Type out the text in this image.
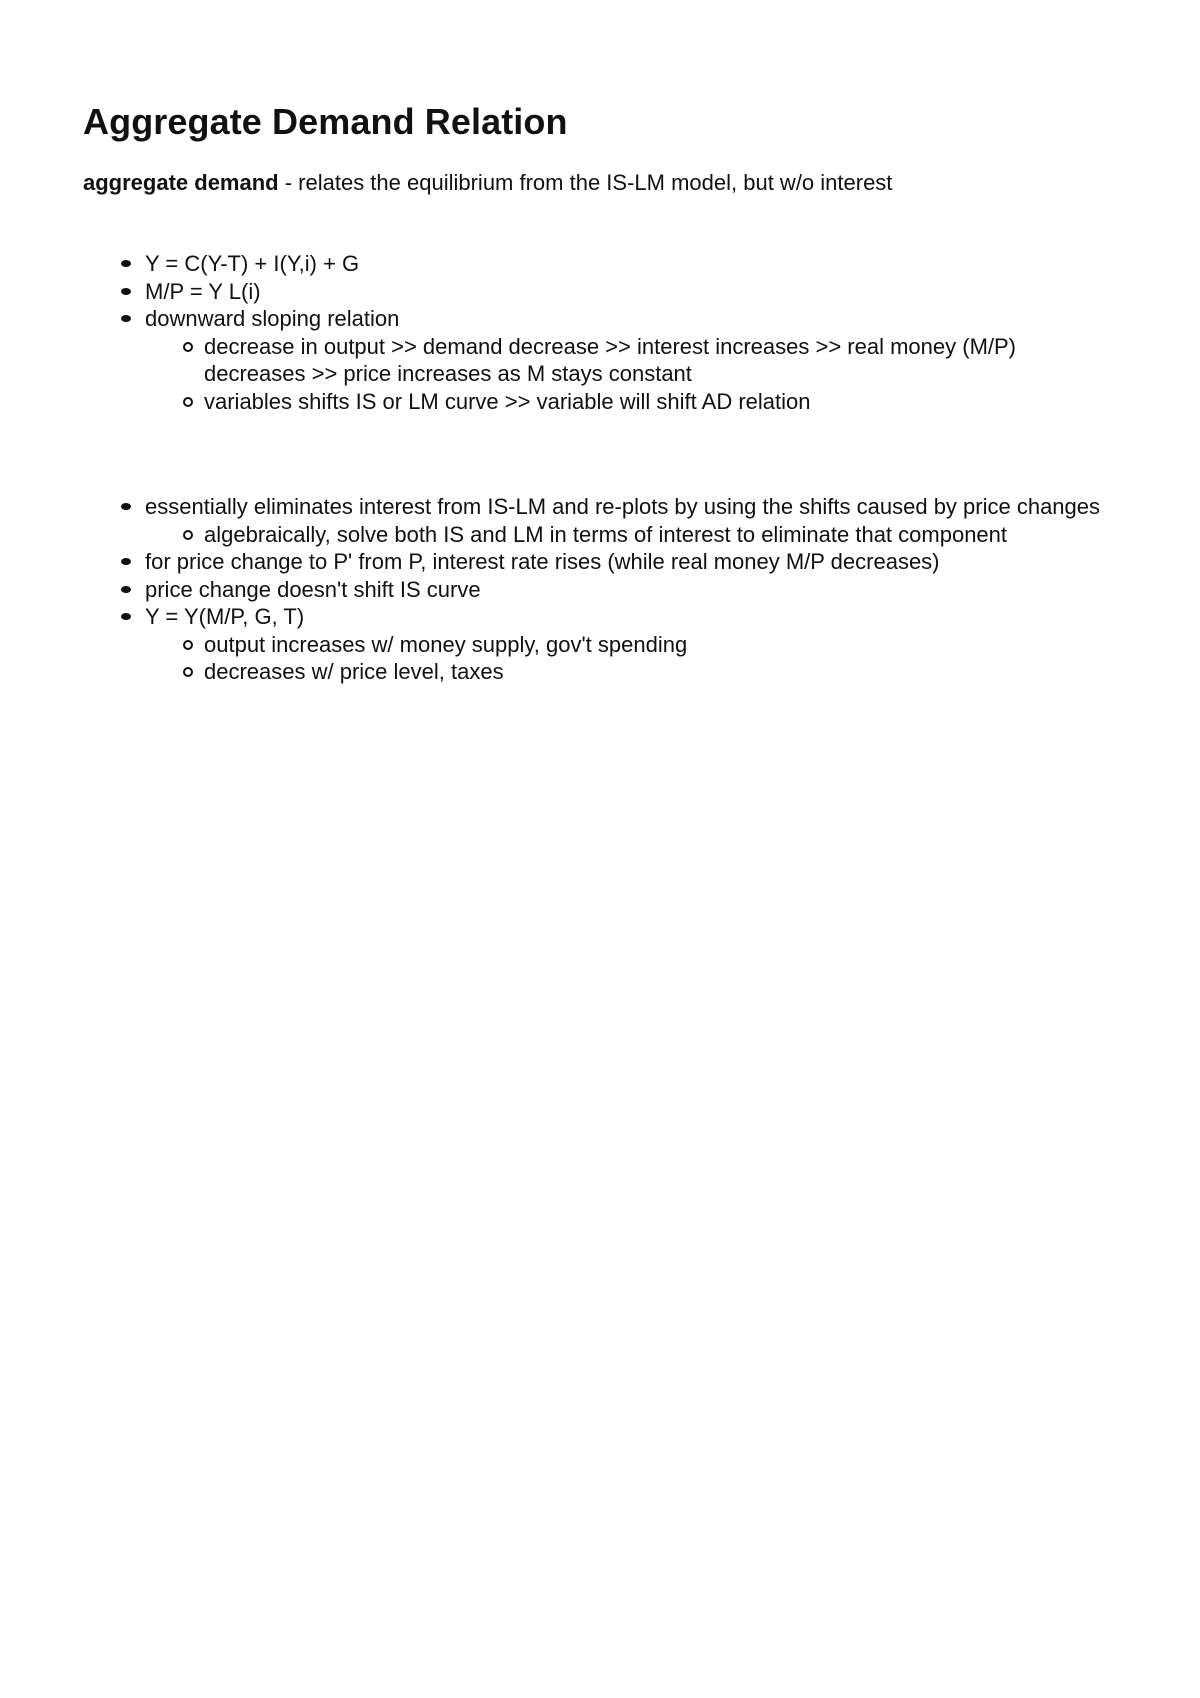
Aggregate Demand Relation

aggregate demand - relates the equilibrium from the IS-LM model, but w/o interest

Y = C(Y-T) + I(Y,i) + G
M/P = Y L(i)
downward sloping relation
decrease in output >> demand decrease >> interest increases >> real money (M/P) decreases >> price increases as M stays constant
variables shifts IS or LM curve >> variable will shift AD relation
essentially eliminates interest from IS-LM and re-plots by using the shifts caused by price changes
algebraically, solve both IS and LM in terms of interest to eliminate that component
for price change to P' from P, interest rate rises (while real money M/P decreases)
price change doesn't shift IS curve
Y = Y(M/P, G, T)
output increases w/ money supply, gov't spending
decreases w/ price level, taxes
